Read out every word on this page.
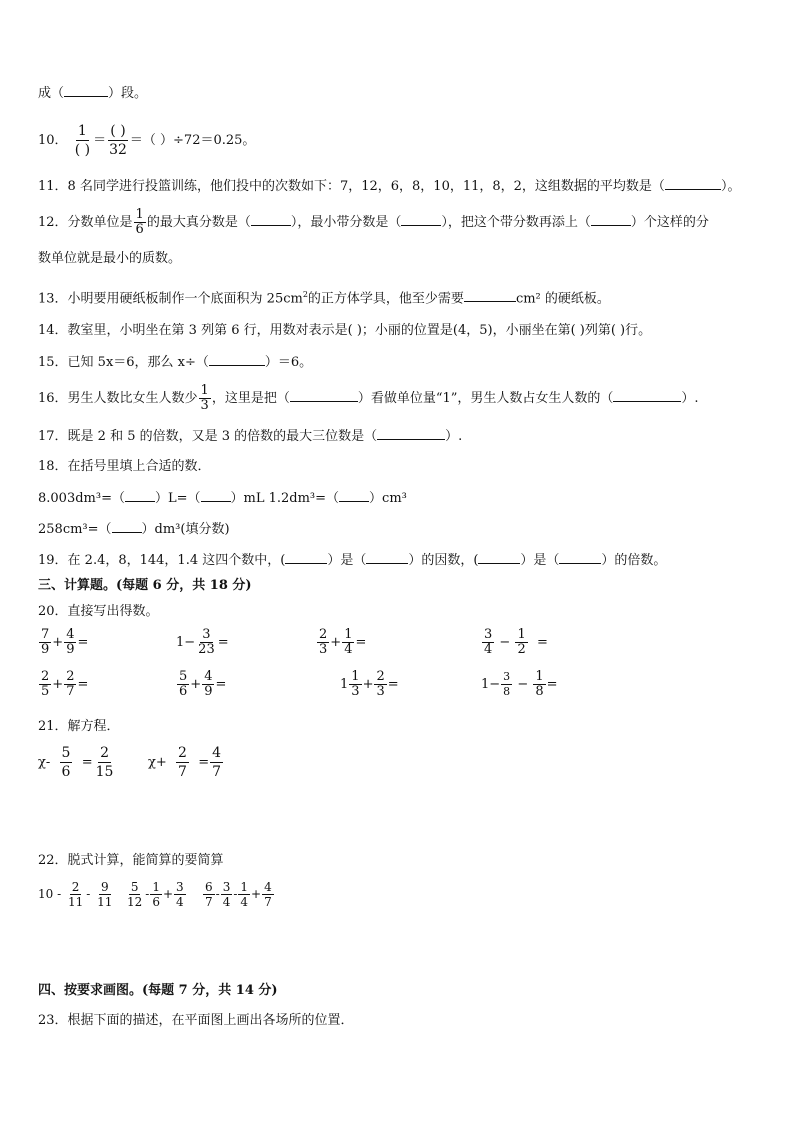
成（	）段。
10． $\frac{1}{( )} = \frac{( )}{32}$ ＝（ ）÷72＝0.25。
11．8 名同学进行投篮训练，他们投中的次数如下：7，12，6，8，10，11，8，2，这组数据的平均数是（	）。
12．分数单位是 $\frac{1}{6}$ 的最大真分数是（	），最小带分数是（	），把这个带分数再添上（	）个这样的分
数单位就是最小的质数。
13．小明要用硬纸板制作一个底面积为 $25cm^2$的正方体学具，他至少需要	cm² 的硬纸板。
14．教室里，小明坐在第 3 列第 6 行，用数对表示是( )；小丽的位置是(4，5)，小丽坐在第( )列第( )行。
15．已知 5x＝6，那么 x÷（	）＝6。
16．男生人数比女生人数少 $\frac{1}{3}$ ，这里是把（	）看做单位量“1”，男生人数占女生人数的（	）.
17．既是 2 和 5 的倍数，又是 3 的倍数的最大三位数是（	）.
18．在括号里填上合适的数．
8.003dm³=（ ）L=（ ）mL 1.2dm³=（ ）cm³
258cm³=（ ）dm³(填分数)
19．在 2.4，8，144，1.4 这四个数中，(	）是（	）的因数，(	）是（	）的倍数。
三、计算题。(每题 6 分，共 18 分)
20．直接写出得数。
$\frac{7}{9} + \frac{4}{9}$ =	$1- \frac{3}{23}$ =	$\frac{2}{3} + \frac{1}{4}$ =	$\frac{3}{4} - \frac{1}{2}$ =
$\frac{2}{5} + \frac{2}{7}$ =	$\frac{5}{6} + \frac{4}{9}$ =	$1 \frac{1}{3} + \frac{2}{3}$ =	$1- \frac{3}{8} - \frac{1}{8}$ =
21．解方程．
$\chi- \frac{5}{6} = \frac{2}{15}$	$\chi+ \frac{2}{7} = \frac{4}{7}$
22．脱式计算，能简算的要简算
$10 - \frac{2}{11} - \frac{9}{11} \frac{5}{12} - \frac{1}{6} + \frac{3}{4} \frac{6}{7} - \frac{3}{4} - \frac{1}{4} + \frac{4}{7}$
四、按要求画图。(每题 7 分，共 14 分)
23．根据下面的描述，在平面图上画出各场所的位置．
